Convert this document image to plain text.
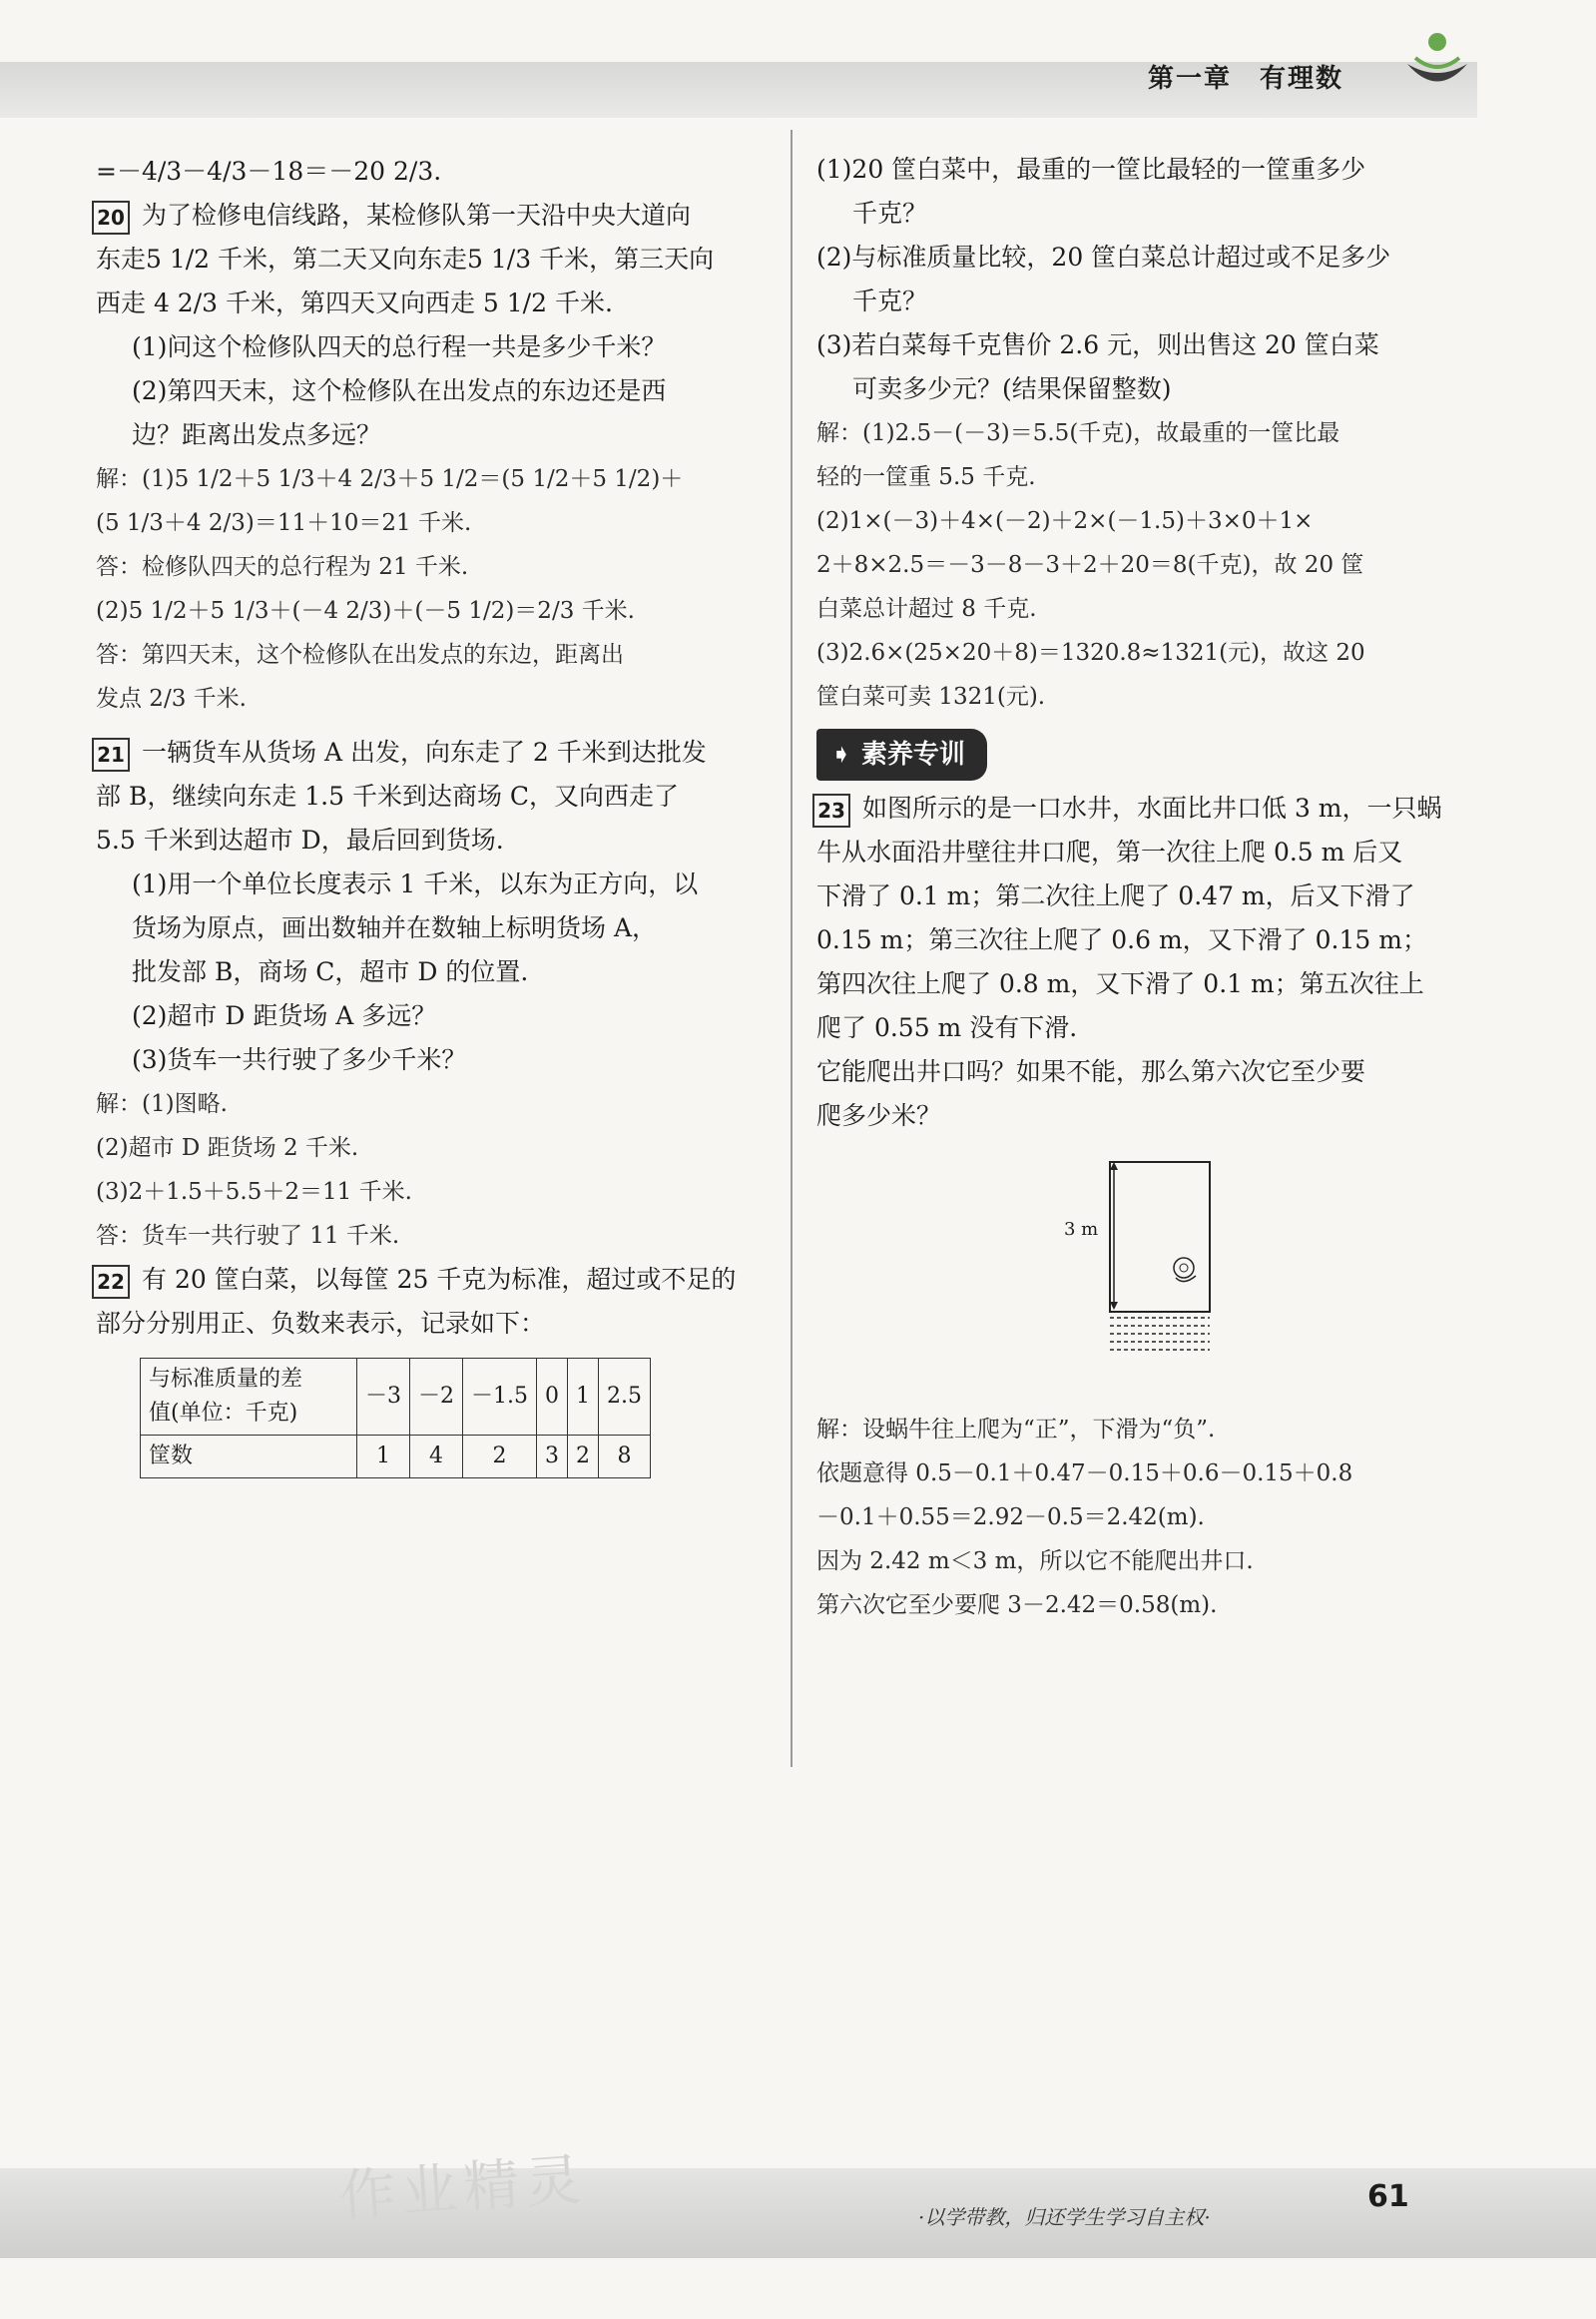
第一章 有理数
=－4/3－4/3－18＝－20 2/3.
20 为了检修电信线路，某检修队第一天沿中央大道向
东走5 1/2 千米，第二天又向东走5 1/3 千米，第三天向
西走 4 2/3 千米，第四天又向西走 5 1/2 千米.
(1)问这个检修队四天的总行程一共是多少千米？
(2)第四天末，这个检修队在出发点的东边还是西
边？距离出发点多远？
解：(1)5 1/2＋5 1/3＋4 2/3＋5 1/2＝(5 1/2＋5 1/2)＋
(5 1/3＋4 2/3)＝11＋10＝21 千米.
答：检修队四天的总行程为 21 千米.
(2)5 1/2＋5 1/3＋(－4 2/3)＋(－5 1/2)＝2/3 千米.
答：第四天末，这个检修队在出发点的东边，距离出
发点 2/3 千米.
21 一辆货车从货场 A 出发，向东走了 2 千米到达批发
部 B，继续向东走 1.5 千米到达商场 C，又向西走了
5.5 千米到达超市 D，最后回到货场.
(1)用一个单位长度表示 1 千米，以东为正方向，以
货场为原点，画出数轴并在数轴上标明货场 A，
批发部 B，商场 C，超市 D 的位置.
(2)超市 D 距货场 A 多远？
(3)货车一共行驶了多少千米？
解：(1)图略.
(2)超市 D 距货场 2 千米.
(3)2＋1.5＋5.5＋2＝11 千米.
答：货车一共行驶了 11 千米.
22 有 20 筐白菜，以每筐 25 千克为标准，超过或不足的
部分分别用正、负数来表示，记录如下：
与标准质量的差
值(单位：千克)	－3	－2	－1.5	0	1	2.5
筐数	1	4	2	3	2	8
(1)20 筐白菜中，最重的一筐比最轻的一筐重多少
千克？
(2)与标准质量比较，20 筐白菜总计超过或不足多少
千克？
(3)若白菜每千克售价 2.6 元，则出售这 20 筐白菜
可卖多少元？(结果保留整数)
解：(1)2.5－(－3)＝5.5(千克)，故最重的一筐比最
轻的一筐重 5.5 千克.
(2)1×(－3)＋4×(－2)＋2×(－1.5)＋3×0＋1×
2＋8×2.5＝－3－8－3＋2＋20＝8(千克)，故 20 筐
白菜总计超过 8 千克.
(3)2.6×(25×20＋8)＝1320.8≈1321(元)，故这 20
筐白菜可卖 1321(元).
➧ 素养专训
23 如图所示的是一口水井，水面比井口低 3 m，一只蜗
牛从水面沿井壁往井口爬，第一次往上爬 0.5 m 后又
下滑了 0.1 m；第二次往上爬了 0.47 m，后又下滑了
0.15 m；第三次往上爬了 0.6 m，又下滑了 0.15 m；
第四次往上爬了 0.8 m，又下滑了 0.1 m；第五次往上
爬了 0.55 m 没有下滑.
它能爬出井口吗？如果不能，那么第六次它至少要
爬多少米？
3 m
解：设蜗牛往上爬为“正”，下滑为“负”.
依题意得 0.5－0.1＋0.47－0.15＋0.6－0.15＋0.8
－0.1＋0.55＝2.92－0.5＝2.42(m).
因为 2.42 m＜3 m，所以它不能爬出井口.
第六次它至少要爬 3－2.42＝0.58(m).
作业精灵	·以学带教，归还学生学习自主权·
61
